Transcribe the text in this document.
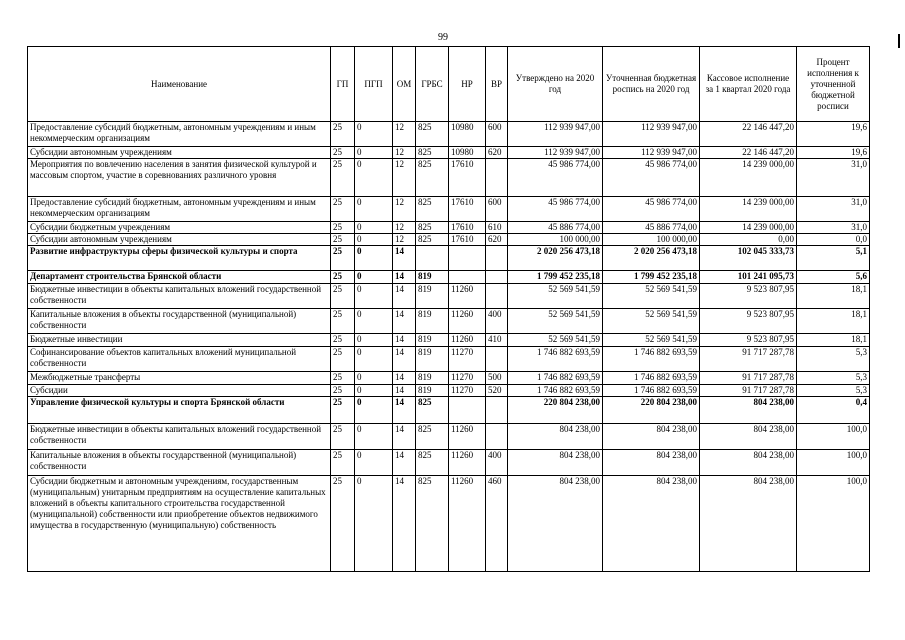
99
Наименование	ГП	ПГП	ОМ	ГРБС	НР	ВР	Утверждено на 2020 год	Уточненная бюджетная роспись на 2020 год	Кассовое исполнение за 1 квартал 2020 года	Процент исполнения к уточненной бюджетной росписи
Предоставление субсидий бюджетным, автономным учреждениям и иным некоммерческим организациям	25	0	12	825	10980	600	112 939 947,00	112 939 947,00	22 146 447,20	19,6
Субсидии автономным учреждениям	25	0	12	825	10980	620	112 939 947,00	112 939 947,00	22 146 447,20	19,6
Мероприятия по вовлечению населения в занятия физической культурой и массовым спортом, участие в соревнованиях различного уровня	25	0	12	825	17610		45 986 774,00	45 986 774,00	14 239 000,00	31,0
Предоставление субсидий бюджетным, автономным учреждениям и иным некоммерческим организациям	25	0	12	825	17610	600	45 986 774,00	45 986 774,00	14 239 000,00	31,0
Субсидии бюджетным учреждениям	25	0	12	825	17610	610	45 886 774,00	45 886 774,00	14 239 000,00	31,0
Субсидии автономным учреждениям	25	0	12	825	17610	620	100 000,00	100 000,00	0,00	0,0
Развитие инфраструктуры сферы физической культуры и спорта	25	0	14				2 020 256 473,18	2 020 256 473,18	102 045 333,73	5,1
Департамент строительства Брянской области	25	0	14	819			1 799 452 235,18	1 799 452 235,18	101 241 095,73	5,6
Бюджетные инвестиции в объекты капитальных вложений государственной собственности	25	0	14	819	11260		52 569 541,59	52 569 541,59	9 523 807,95	18,1
Капитальные вложения в объекты государственной (муниципальной) собственности	25	0	14	819	11260	400	52 569 541,59	52 569 541,59	9 523 807,95	18,1
Бюджетные инвестиции	25	0	14	819	11260	410	52 569 541,59	52 569 541,59	9 523 807,95	18,1
Софинансирование объектов капитальных вложений муниципальной собственности	25	0	14	819	11270		1 746 882 693,59	1 746 882 693,59	91 717 287,78	5,3
Межбюджетные трансферты	25	0	14	819	11270	500	1 746 882 693,59	1 746 882 693,59	91 717 287,78	5,3
Субсидии	25	0	14	819	11270	520	1 746 882 693,59	1 746 882 693,59	91 717 287,78	5,3
Управление физической культуры и спорта Брянской области	25	0	14	825			220 804 238,00	220 804 238,00	804 238,00	0,4
Бюджетные инвестиции в объекты капитальных вложений государственной собственности	25	0	14	825	11260		804 238,00	804 238,00	804 238,00	100,0
Капитальные вложения в объекты государственной (муниципальной) собственности	25	0	14	825	11260	400	804 238,00	804 238,00	804 238,00	100,0
Субсидии бюджетным и автономным учреждениям, государственным (муниципальным) унитарным предприятиям на осуществление капитальных вложений в объекты капитального строительства государственной (муниципальной) собственности или приобретение объектов недвижимого имущества в государственную (муниципальную) собственность	25	0	14	825	11260	460	804 238,00	804 238,00	804 238,00	100,0
